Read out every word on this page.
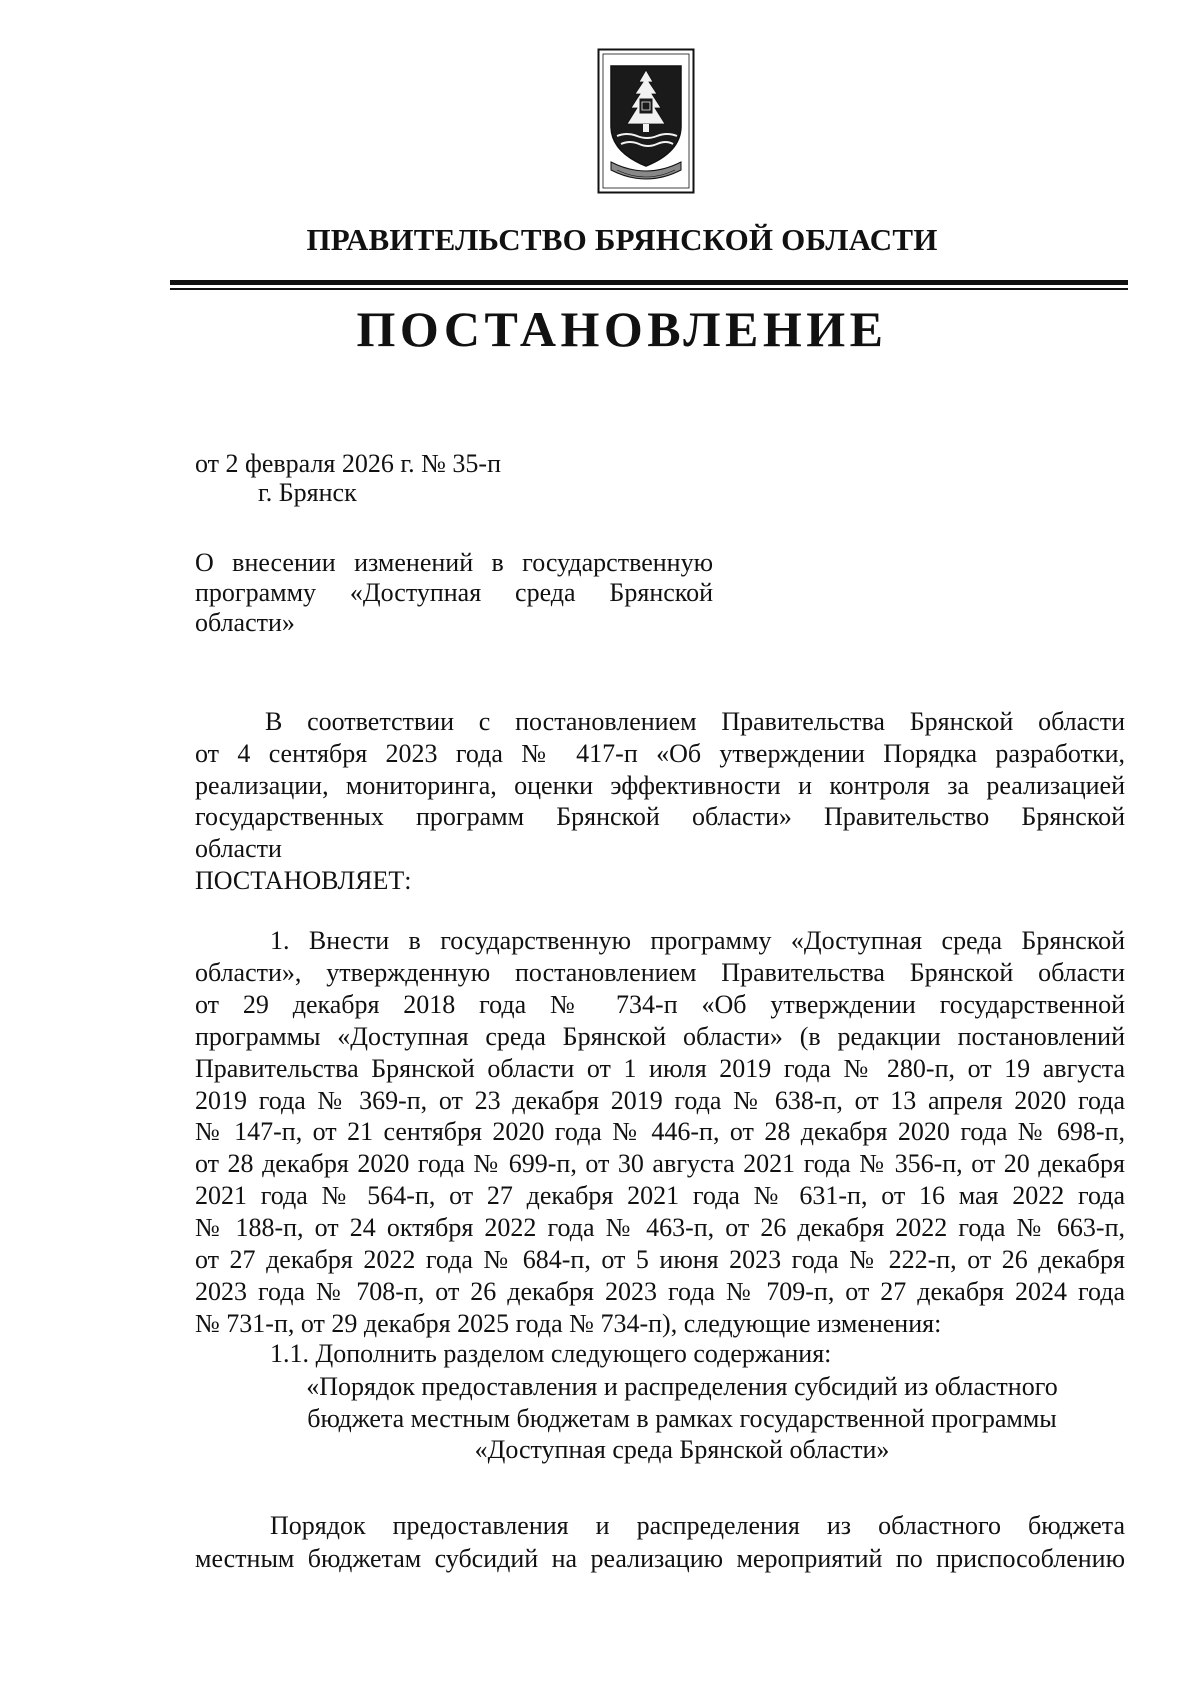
ПРАВИТЕЛЬСТВО БРЯНСКОЙ ОБЛАСТИ
ПОСТАНОВЛЕНИЕ
от 2 февраля 2026 г. № 35-п
г. Брянск
О внесении изменений в государственную
программу «Доступная среда Брянской
области»
В соответствии с постановлением Правительства Брянской области
от 4 сентября 2023 года № 417-п «Об утверждении Порядка разработки,
реализации, мониторинга, оценки эффективности и контроля за реализацией
государственных программ Брянской области» Правительство Брянской
области
ПОСТАНОВЛЯЕТ:
1. Внести в государственную программу «Доступная среда Брянской
области», утвержденную постановлением Правительства Брянской области
от 29 декабря 2018 года № 734-п «Об утверждении государственной
программы «Доступная среда Брянской области» (в редакции постановлений
Правительства Брянской области от 1 июля 2019 года № 280-п, от 19 августа
2019 года № 369-п, от 23 декабря 2019 года № 638-п, от 13 апреля 2020 года
№ 147-п, от 21 сентября 2020 года № 446-п, от 28 декабря 2020 года № 698-п,
от 28 декабря 2020 года № 699-п, от 30 августа 2021 года № 356-п, от 20 декабря
2021 года № 564-п, от 27 декабря 2021 года № 631-п, от 16 мая 2022 года
№ 188-п, от 24 октября 2022 года № 463-п, от 26 декабря 2022 года № 663-п,
от 27 декабря 2022 года № 684-п, от 5 июня 2023 года № 222-п, от 26 декабря
2023 года № 708-п, от 26 декабря 2023 года № 709-п, от 27 декабря 2024 года
№ 731-п, от 29 декабря 2025 года № 734-п), следующие изменения:
1.1. Дополнить разделом следующего содержания:
«Порядок предоставления и распределения субсидий из областного
бюджета местным бюджетам в рамках государственной программы
«Доступная среда Брянской области»
Порядок предоставления и распределения из областного бюджета
местным бюджетам субсидий на реализацию мероприятий по приспособлению
